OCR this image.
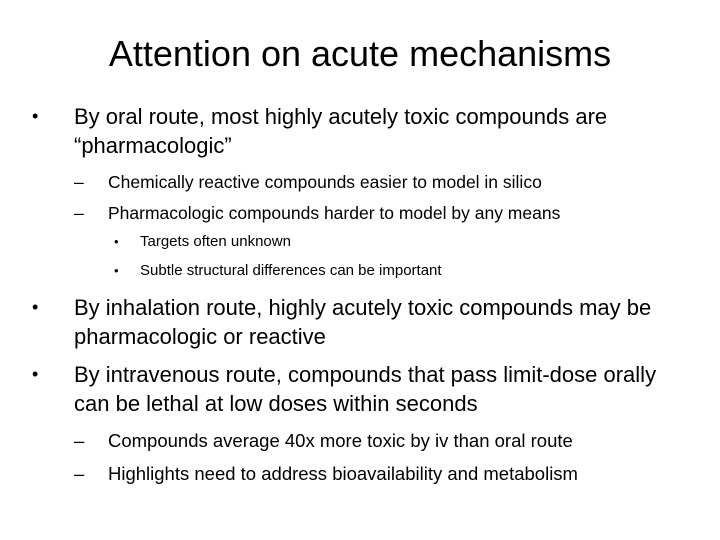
Attention on acute mechanisms
•	By oral route, most highly acutely toxic compounds are “pharmacologic”
–	Chemically reactive compounds easier to model in silico
–	Pharmacologic compounds harder to model by any means
•	Targets often unknown
•	Subtle structural differences can be important
•	By inhalation route, highly acutely toxic compounds may be pharmacologic or reactive
•	By intravenous route, compounds that pass limit-dose orally can be lethal at low doses within seconds
–	Compounds average 40x more toxic by iv than oral route
–	Highlights need to address bioavailability and metabolism
